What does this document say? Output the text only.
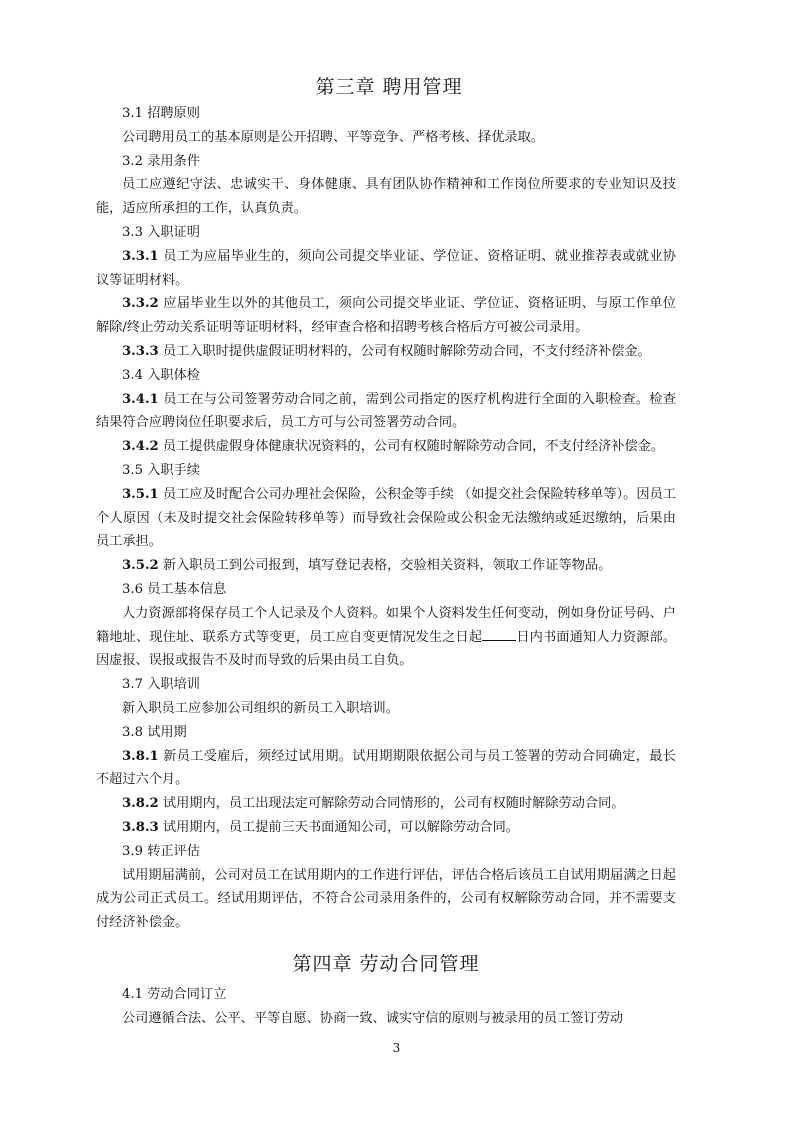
第三章 聘用管理

3.1 招聘原则

公司聘用员工的基本原则是公开招聘、平等竞争、严格考核、择优录取。

3.2 录用条件

员工应遵纪守法、忠诚实干、身体健康、具有团队协作精神和工作岗位所要求的专业知识及技能，适应所承担的工作，认真负责。

3.3 入职证明

3.3.1 员工为应届毕业生的，须向公司提交毕业证、学位证、资格证明、就业推荐表或就业协议等证明材料。

3.3.2 应届毕业生以外的其他员工，须向公司提交毕业证、学位证、资格证明、与原工作单位解除/终止劳动关系证明等证明材料，经审查合格和招聘考核合格后方可被公司录用。

3.3.3 员工入职时提供虚假证明材料的，公司有权随时解除劳动合同，不支付经济补偿金。

3.4 入职体检

3.4.1 员工在与公司签署劳动合同之前，需到公司指定的医疗机构进行全面的入职检查。检查结果符合应聘岗位任职要求后，员工方可与公司签署劳动合同。

3.4.2 员工提供虚假身体健康状况资料的，公司有权随时解除劳动合同，不支付经济补偿金。

3.5 入职手续

3.5.1 员工应及时配合公司办理社会保险，公积金等手续 （如提交社会保险转移单等）。因员工个人原因（未及时提交社会保险转移单等）而导致社会保险或公积金无法缴纳或延迟缴纳，后果由员工承担。

3.5.2 新入职员工到公司报到，填写登记表格，交验相关资料，领取工作证等物品。

3.6 员工基本信息

人力资源部将保存员工个人记录及个人资料。如果个人资料发生任何变动，例如身份证号码、户籍地址、现住址、联系方式等变更，员工应自变更情况发生之日起	日内书面通知人力资源部。因虚报、误报或报告不及时而导致的后果由员工自负。

3.7 入职培训

新入职员工应参加公司组织的新员工入职培训。

3.8 试用期

3.8.1 新员工受雇后，须经过试用期。试用期期限依据公司与员工签署的劳动合同确定，最长不超过六个月。

3.8.2 试用期内，员工出现法定可解除劳动合同情形的，公司有权随时解除劳动合同。

3.8.3 试用期内，员工提前三天书面通知公司，可以解除劳动合同。

3.9 转正评估

试用期届满前，公司对员工在试用期内的工作进行评估，评估合格后该员工自试用期届满之日起成为公司正式员工。经试用期评估，不符合公司录用条件的，公司有权解除劳动合同，并不需要支付经济补偿金。

第四章 劳动合同管理

4.1 劳动合同订立

公司遵循合法、公平、平等自愿、协商一致、诚实守信的原则与被录用的员工签订劳动

3
